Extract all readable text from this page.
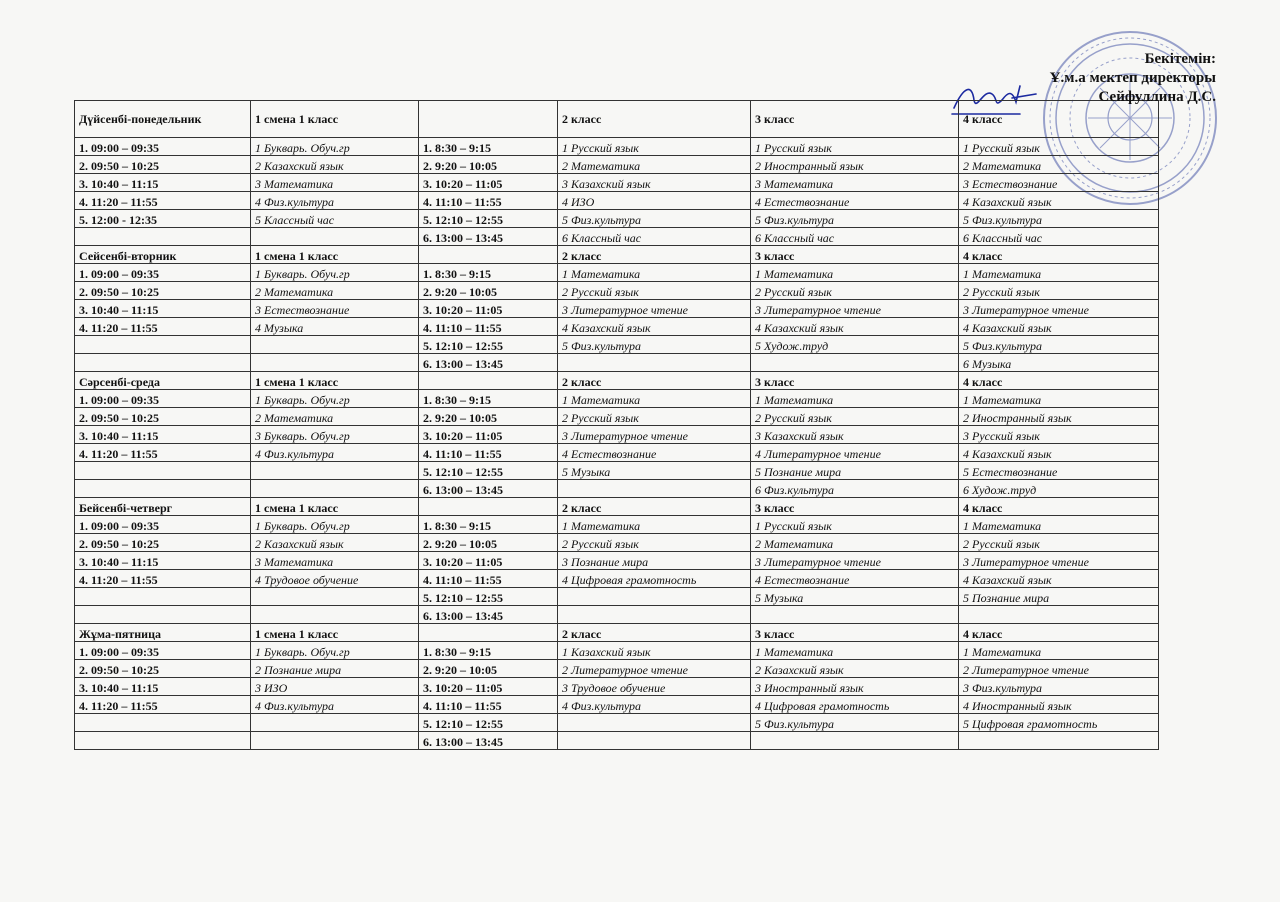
Бекітемін:
Ұ.м.а мектеп директоры
Сейфуллина Д.С.
Дүйсенбі-понедельник	1 смена 1 класс		2 класс	3 класс	4 класс
1. 09:00 – 09:35	1 Букварь. Обуч.гр	1. 8:30 – 9:15	1 Русский язык	1 Русский язык	1 Русский язык
2. 09:50 – 10:25	2 Казахский язык	2. 9:20 – 10:05	2 Математика	2 Иностранный язык	2 Математика
3. 10:40 – 11:15	3 Математика	3. 10:20 – 11:05	3 Казахский язык	3 Математика	3 Естествознание
4. 11:20 – 11:55	4 Физ.культура	4. 11:10 – 11:55	4 ИЗО	4 Естествознание	4 Казахский язык
5. 12:00 - 12:35	5 Классный час	5. 12:10 – 12:55	5 Физ.культура	5 Физ.культура	5 Физ.культура
		6. 13:00 – 13:45	6 Классный час	6 Классный час	6 Классный час
Сейсенбі-вторник	1 смена 1 класс		2 класс	3 класс	4 класс
1. 09:00 – 09:35	1 Букварь. Обуч.гр	1. 8:30 – 9:15	1 Математика	1 Математика	1 Математика
2. 09:50 – 10:25	2 Математика	2. 9:20 – 10:05	2 Русский язык	2 Русский язык	2 Русский язык
3. 10:40 – 11:15	3 Естествознание	3. 10:20 – 11:05	3 Литературное чтение	3 Литературное чтение	3 Литературное чтение
4. 11:20 – 11:55	4 Музыка	4. 11:10 – 11:55	4 Казахский язык	4 Казахский язык	4 Казахский язык
		5. 12:10 – 12:55	5 Физ.культура	5 Худож.труд	5 Физ.культура
		6. 13:00 – 13:45			6 Музыка
Сәрсенбі-среда	1 смена 1 класс		2 класс	3 класс	4 класс
1. 09:00 – 09:35	1 Букварь. Обуч.гр	1. 8:30 – 9:15	1 Математика	1 Математика	1 Математика
2. 09:50 – 10:25	2 Математика	2. 9:20 – 10:05	2 Русский язык	2 Русский язык	2 Иностранный язык
3. 10:40 – 11:15	3 Букварь. Обуч.гр	3. 10:20 – 11:05	3 Литературное чтение	3 Казахский язык	3 Русский язык
4. 11:20 – 11:55	4 Физ.культура	4. 11:10 – 11:55	4 Естествознание	4 Литературное чтение	4 Казахский язык
		5. 12:10 – 12:55	5 Музыка	5 Познание мира	5 Естествознание
		6. 13:00 – 13:45		6 Физ.культура	6 Худож.труд
Бейсенбі-четверг	1 смена 1 класс		2 класс	3 класс	4 класс
1. 09:00 – 09:35	1 Букварь. Обуч.гр	1. 8:30 – 9:15	1 Математика	1 Русский язык	1 Математика
2. 09:50 – 10:25	2 Казахский язык	2. 9:20 – 10:05	2 Русский язык	2 Математика	2 Русский язык
3. 10:40 – 11:15	3 Математика	3. 10:20 – 11:05	3 Познание мира	3 Литературное чтение	3 Литературное чтение
4. 11:20 – 11:55	4 Трудовое обучение	4. 11:10 – 11:55	4 Цифровая грамотность	4 Естествознание	4 Казахский язык
		5. 12:10 – 12:55		5 Музыка	5 Познание мира
		6. 13:00 – 13:45			
Жұма-пятница	1 смена 1 класс		2 класс	3 класс	4 класс
1. 09:00 – 09:35	1 Букварь. Обуч.гр	1. 8:30 – 9:15	1 Казахский язык	1 Математика	1 Математика
2. 09:50 – 10:25	2 Познание мира	2. 9:20 – 10:05	2 Литературное чтение	2 Казахский язык	2 Литературное чтение
3. 10:40 – 11:15	3 ИЗО	3. 10:20 – 11:05	3 Трудовое обучение	3 Иностранный язык	3 Физ.культура
4. 11:20 – 11:55	4 Физ.культура	4. 11:10 – 11:55	4 Физ.культура	4 Цифровая грамотность	4 Иностранный язык
		5. 12:10 – 12:55		5 Физ.культура	5 Цифровая грамотность
		6. 13:00 – 13:45			
